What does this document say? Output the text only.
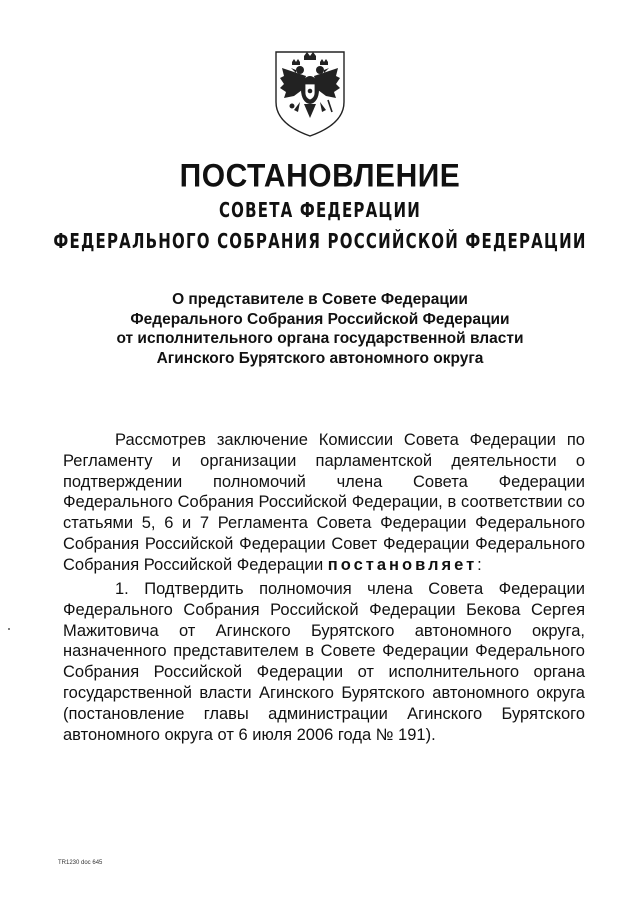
ПОСТАНОВЛЕНИЕ
СОВЕТА ФЕДЕРАЦИИ
ФЕДЕРАЛЬНОГО СОБРАНИЯ РОССИЙСКОЙ ФЕДЕРАЦИИ
О представителе в Совете Федерации
Федерального Собрания Российской Федерации
от исполнительного органа государственной власти
Агинского Бурятского автономного округа
Рассмотрев заключение Комиссии Совета Федерации по Регламенту и организации парламентской деятельности о подтверждении полномочий члена Совета Федерации Федерального Собрания Российской Федерации, в соответствии со статьями 5, 6 и 7 Регламента Совета Федерации Федерального Собрания Российской Федерации Совет Федерации Федерального Собрания Российской Федерации постановляет:
1. Подтвердить полномочия члена Совета Федерации Федерального Собрания Российской Федерации Бекова Сергея Мажитовича от Агинского Бурятского автономного округа, назначенного представителем в Совете Федерации Федерального Собрания Российской Федерации от исполнительного органа государственной власти Агинского Бурятского автономного округа (постановление главы администрации Агинского Бурятского автономного округа от 6 июля 2006 года № 191).
TR1230 doc 645
